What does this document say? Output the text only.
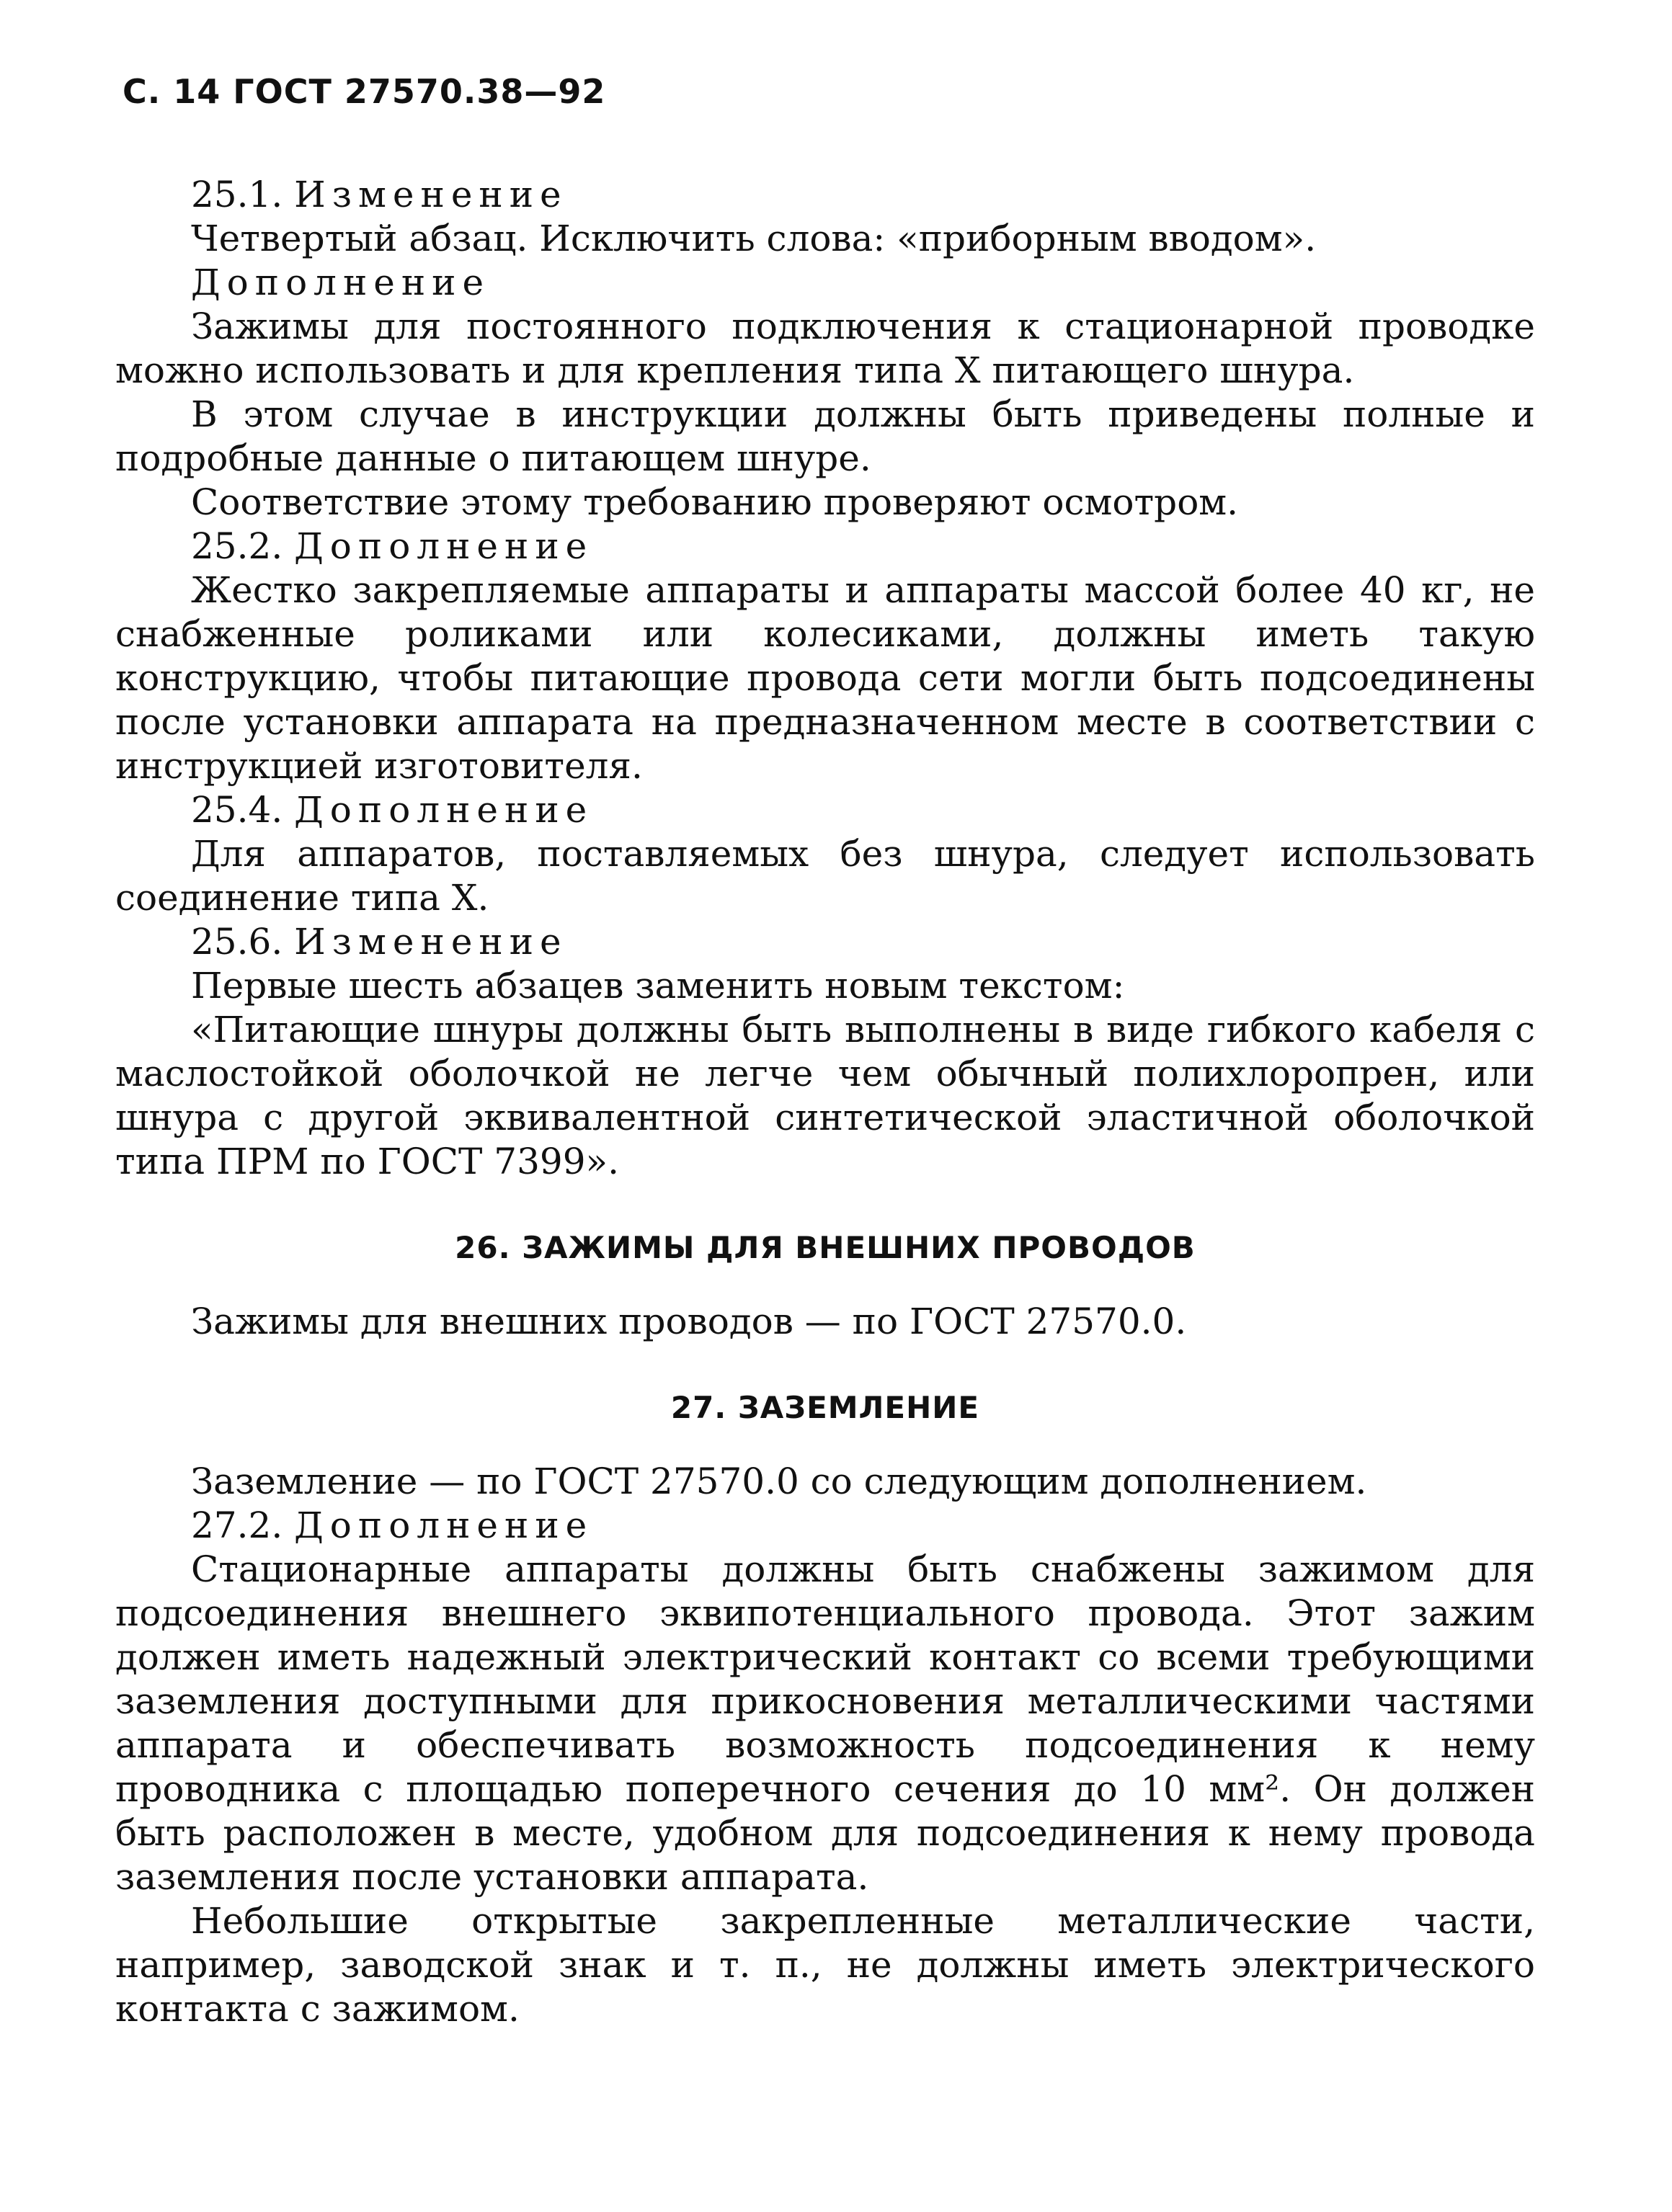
С. 14 ГОСТ 27570.38—92

25.1. Изменение

Четвертый абзац. Исключить слова: «приборным вводом».

Дополнение

Зажимы для постоянного подключения к стационарной проводке можно использовать и для крепления типа X питающего шнура.

В этом случае в инструкции должны быть приведены полные и подробные данные о питающем шнуре.

Соответствие этому требованию проверяют осмотром.

25.2. Дополнение

Жестко закрепляемые аппараты и аппараты массой более 40 кг, не снабженные роликами или колесиками, должны иметь такую конструкцию, чтобы питающие провода сети могли быть подсоединены после установки аппарата на предназначенном месте в соответствии с инструкцией изготовителя.

25.4. Дополнение

Для аппаратов, поставляемых без шнура, следует использовать соединение типа X.

25.6. Изменение

Первые шесть абзацев заменить новым текстом:

«Питающие шнуры должны быть выполнены в виде гибкого кабеля с маслостойкой оболочкой не легче чем обычный полихлоропрен, или шнура с другой эквивалентной синтетической эластичной оболочкой типа ПРМ по ГОСТ 7399».

26. ЗАЖИМЫ ДЛЯ ВНЕШНИХ ПРОВОДОВ

Зажимы для внешних проводов — по ГОСТ 27570.0.

27. ЗАЗЕМЛЕНИЕ

Заземление — по ГОСТ 27570.0 со следующим дополнением.

27.2. Дополнение

Стационарные аппараты должны быть снабжены зажимом для подсоединения внешнего эквипотенциального провода. Этот зажим должен иметь надежный электрический контакт со всеми требующими заземления доступными для прикосновения металлическими частями аппарата и обеспечивать возможность подсоединения к нему проводника с площадью поперечного сечения до 10 мм². Он должен быть расположен в месте, удобном для подсоединения к нему провода заземления после установки аппарата.

Небольшие открытые закрепленные металлические части, например, заводской знак и т. п., не должны иметь электрического контакта с зажимом.
